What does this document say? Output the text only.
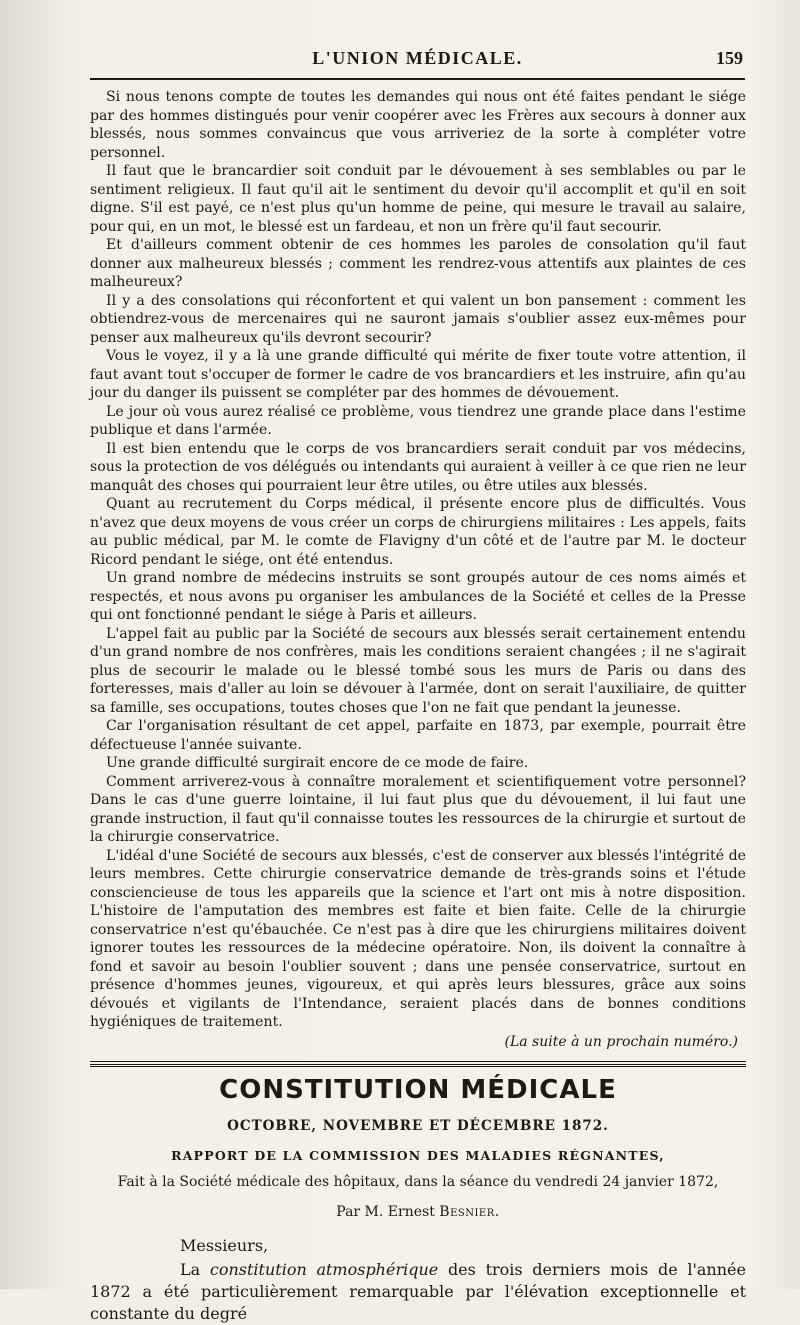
L'UNION MÉDICALE.	159

Si nous tenons compte de toutes les demandes qui nous ont été faites pendant le siége par des hommes distingués pour venir coopérer avec les Frères aux secours à donner aux blessés, nous sommes convaincus que vous arriveriez de la sorte à compléter votre personnel.

Il faut que le brancardier soit conduit par le dévouement à ses semblables ou par le sentiment religieux. Il faut qu'il ait le sentiment du devoir qu'il accomplit et qu'il en soit digne. S'il est payé, ce n'est plus qu'un homme de peine, qui mesure le travail au salaire, pour qui, en un mot, le blessé est un fardeau, et non un frère qu'il faut secourir.

Et d'ailleurs comment obtenir de ces hommes les paroles de consolation qu'il faut donner aux malheureux blessés ; comment les rendrez-vous attentifs aux plaintes de ces malheureux?

Il y a des consolations qui réconfortent et qui valent un bon pansement : comment les obtiendrez-vous de mercenaires qui ne sauront jamais s'oublier assez eux-mêmes pour penser aux malheureux qu'ils devront secourir?

Vous le voyez, il y a là une grande difficulté qui mérite de fixer toute votre attention, il faut avant tout s'occuper de former le cadre de vos brancardiers et les instruire, afin qu'au jour du danger ils puissent se compléter par des hommes de dévouement.

Le jour où vous aurez réalisé ce problème, vous tiendrez une grande place dans l'estime publique et dans l'armée.

Il est bien entendu que le corps de vos brancardiers serait conduit par vos médecins, sous la protection de vos délégués ou intendants qui auraient à veiller à ce que rien ne leur manquât des choses qui pourraient leur être utiles, ou être utiles aux blessés.

Quant au recrutement du Corps médical, il présente encore plus de difficultés. Vous n'avez que deux moyens de vous créer un corps de chirurgiens militaires : Les appels, faits au public médical, par M. le comte de Flavigny d'un côté et de l'autre par M. le docteur Ricord pendant le siége, ont été entendus.

Un grand nombre de médecins instruits se sont groupés autour de ces noms aimés et respectés, et nous avons pu organiser les ambulances de la Société et celles de la Presse qui ont fonctionné pendant le siége à Paris et ailleurs.

L'appel fait au public par la Société de secours aux blessés serait certainement entendu d'un grand nombre de nos confrères, mais les conditions seraient changées ; il ne s'agirait plus de secourir le malade ou le blessé tombé sous les murs de Paris ou dans des forteresses, mais d'aller au loin se dévouer à l'armée, dont on serait l'auxiliaire, de quitter sa famille, ses occupations, toutes choses que l'on ne fait que pendant la jeunesse.

Car l'organisation résultant de cet appel, parfaite en 1873, par exemple, pourrait être défectueuse l'année suivante.

Une grande difficulté surgirait encore de ce mode de faire.

Comment arriverez-vous à connaître moralement et scientifiquement votre personnel? Dans le cas d'une guerre lointaine, il lui faut plus que du dévouement, il lui faut une grande instruction, il faut qu'il connaisse toutes les ressources de la chirurgie et surtout de la chirurgie conservatrice.

L'idéal d'une Société de secours aux blessés, c'est de conserver aux blessés l'intégrité de leurs membres. Cette chirurgie conservatrice demande de très-grands soins et l'étude consciencieuse de tous les appareils que la science et l'art ont mis à notre disposition. L'histoire de l'amputation des membres est faite et bien faite. Celle de la chirurgie conservatrice n'est qu'ébauchée. Ce n'est pas à dire que les chirurgiens militaires doivent ignorer toutes les ressources de la médecine opératoire. Non, ils doivent la connaître à fond et savoir au besoin l'oublier souvent ; dans une pensée conservatrice, surtout en présence d'hommes jeunes, vigoureux, et qui après leurs blessures, grâce aux soins dévoués et vigilants de l'Intendance, seraient placés dans de bonnes conditions hygiéniques de traitement.

(La suite à un prochain numéro.)
CONSTITUTION MÉDICALE
OCTOBRE, NOVEMBRE ET DÉCEMBRE 1872.
RAPPORT DE LA COMMISSION DES MALADIES RÉGNANTES,
Fait à la Société médicale des hôpitaux, dans la séance du vendredi 24 janvier 1872,
Par M. Ernest Besnier.
Messieurs,
La constitution atmosphérique des trois derniers mois de l'année 1872 a été particulièrement remarquable par l'élévation exceptionnelle et constante du degré
